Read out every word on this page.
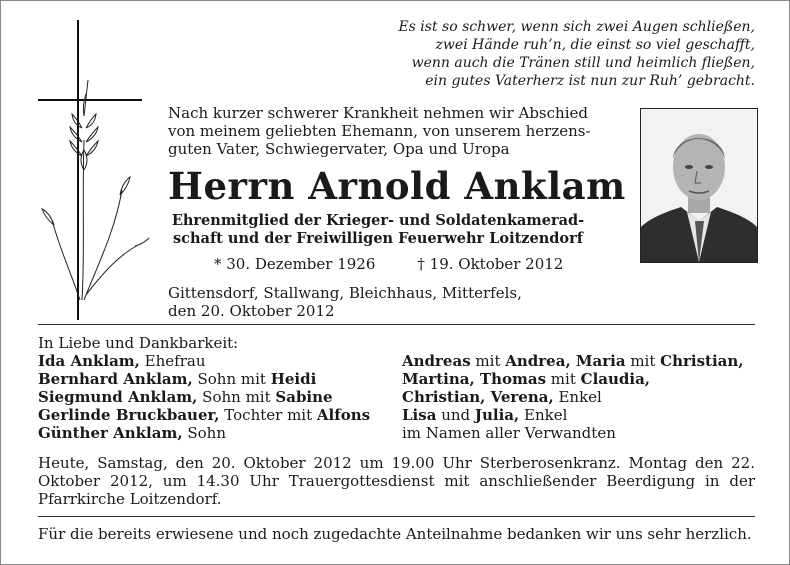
Es ist so schwer, wenn sich zwei Augen schließen,
zwei Hände ruh’n, die einst so viel geschafft,
wenn auch die Tränen still und heimlich fließen,
ein gutes Vaterherz ist nun zur Ruh’ gebracht.
Nach kurzer schwerer Krankheit nehmen wir Abschied
von meinem geliebten Ehemann, von unserem herzens-
guten Vater, Schwiegervater, Opa und Uropa
Herrn Arnold Anklam
Ehrenmitglied der Krieger- und Soldatenkamerad-
schaft und der Freiwilligen Feuerwehr Loitzendorf
* 30. Dezember 1926	† 19. Oktober 2012
Gittensdorf, Stallwang, Bleichhaus, Mitterfels,
den 20. Oktober 2012
In Liebe und Dankbarkeit:
Ida Anklam, Ehefrau
Bernhard Anklam, Sohn mit Heidi
Siegmund Anklam, Sohn mit Sabine
Gerlinde Bruckbauer, Tochter mit Alfons
Günther Anklam, Sohn
Andreas mit Andrea, Maria mit Christian,
Martina, Thomas mit Claudia,
Christian, Verena, Enkel
Lisa und Julia, Enkel
im Namen aller Verwandten
Heute, Samstag, den 20. Oktober 2012 um 19.00 Uhr Sterberosenkranz. Montag den 22. Oktober 2012, um 14.30 Uhr Trauergottesdienst mit anschließender Beerdigung in der Pfarrkirche Loitzendorf.
Für die bereits erwiesene und noch zugedachte Anteilnahme bedanken wir uns sehr herzlich.
